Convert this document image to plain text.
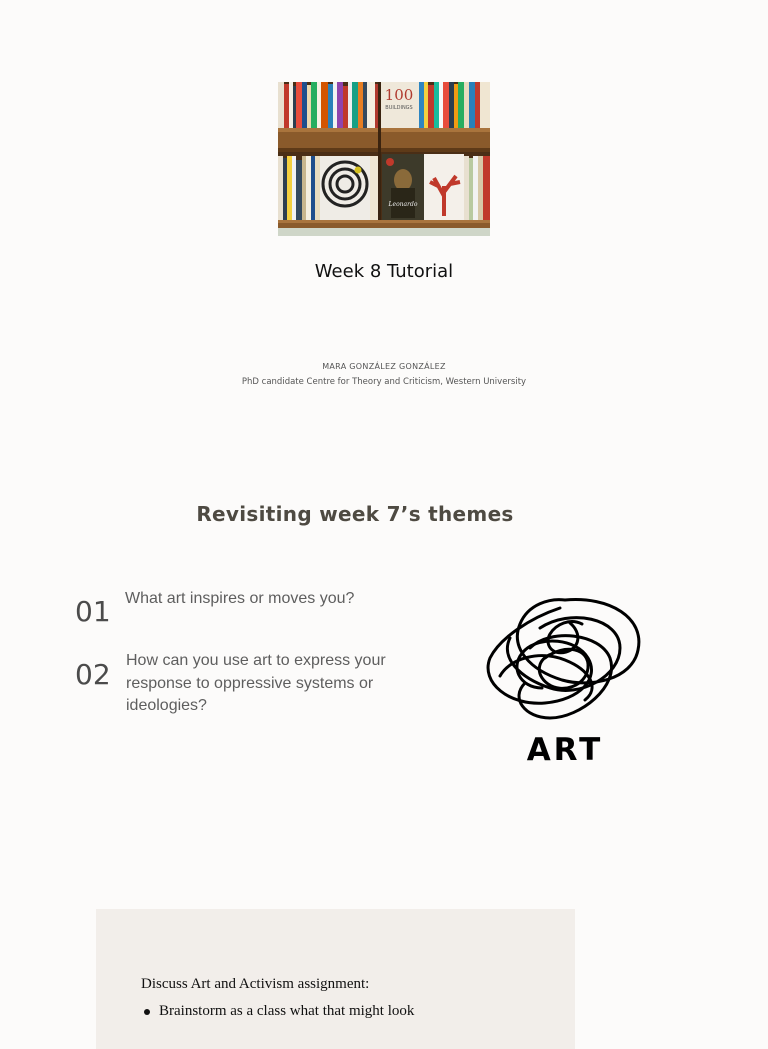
100
BUILDINGS
Leonardo
Week 8 Tutorial
MARA GONZÁLEZ GONZÁLEZ
PhD candidate Centre for Theory and Criticism, Western University
Revisiting week 7’s themes
01 What art inspires or moves you?
02 How can you use art to express your response to oppressive systems or ideologies?
ART
Discuss Art and Activism assignment:
Brainstorm as a class what that might look
